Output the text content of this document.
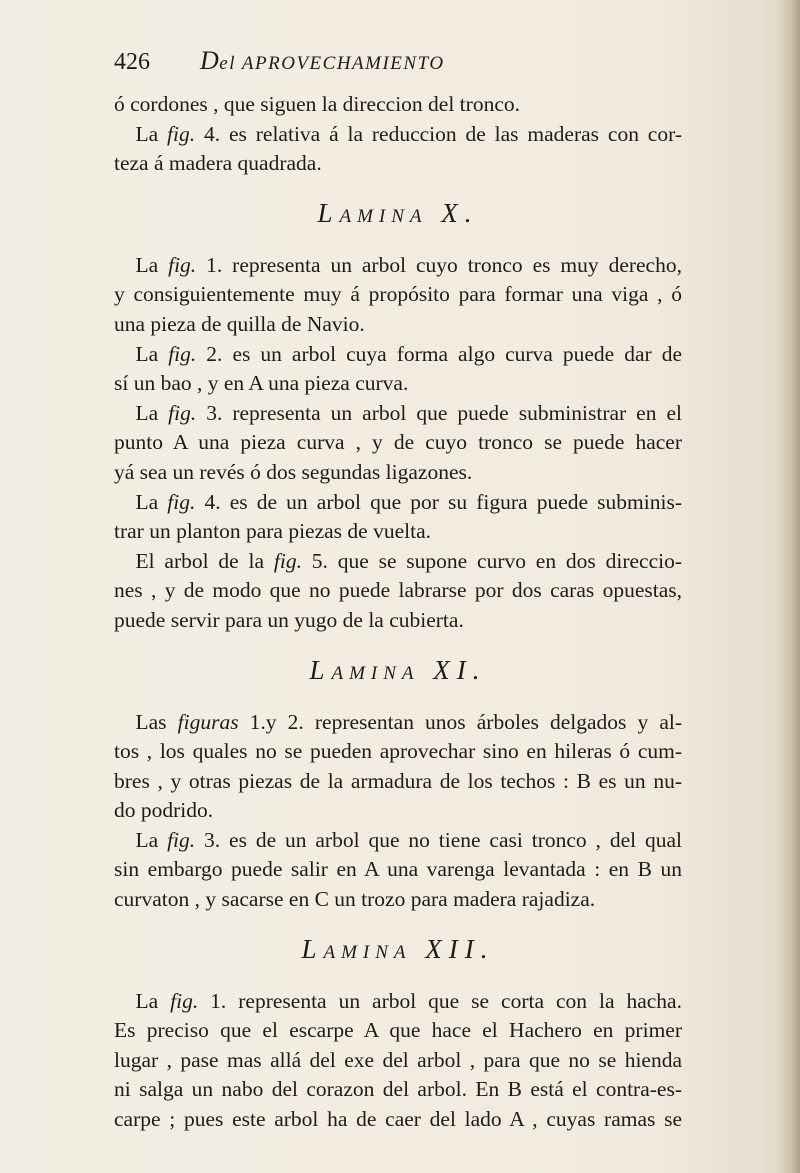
426	Del APROVECHAMIENTO

ó cordones , que siguen la direccion del tronco.

 La fig. 4. es relativa á la reduccion de las maderas con cor-
teza á madera quadrada.

LAMINA X.

 La fig. 1. representa un arbol cuyo tronco es muy derecho,
y consiguientemente muy á propósito para formar una viga , ó
una pieza de quilla de Navio.

 La fig. 2. es un arbol cuya forma algo curva puede dar de
sí un bao , y en A una pieza curva.

 La fig. 3. representa un arbol que puede subministrar en el
punto A una pieza curva , y de cuyo tronco se puede hacer
yá sea un revés ó dos segundas ligazones.

 La fig. 4. es de un arbol que por su figura puede subminis-
trar un planton para piezas de vuelta.

 El arbol de la fig. 5. que se supone curvo en dos direccio-
nes , y de modo que no puede labrarse por dos caras opuestas,
puede servir para un yugo de la cubierta.

LAMINA XI.

 Las figuras 1.y 2. representan unos árboles delgados y al-
tos , los quales no se pueden aprovechar sino en hileras ó cum-
bres , y otras piezas de la armadura de los techos : B es un nu-
do podrido.

 La fig. 3. es de un arbol que no tiene casi tronco , del qual
sin embargo puede salir en A una varenga levantada : en B un
curvaton , y sacarse en C un trozo para madera rajadiza.

LAMINA XII.

 La fig. 1. representa un arbol que se corta con la hacha.
Es preciso que el escarpe A que hace el Hachero en primer
lugar , pase mas allá del exe del arbol , para que no se hienda
ni salga un nabo del corazon del arbol. En B está el contra-es-
carpe ; pues este arbol ha de caer del lado A , cuyas ramas se
